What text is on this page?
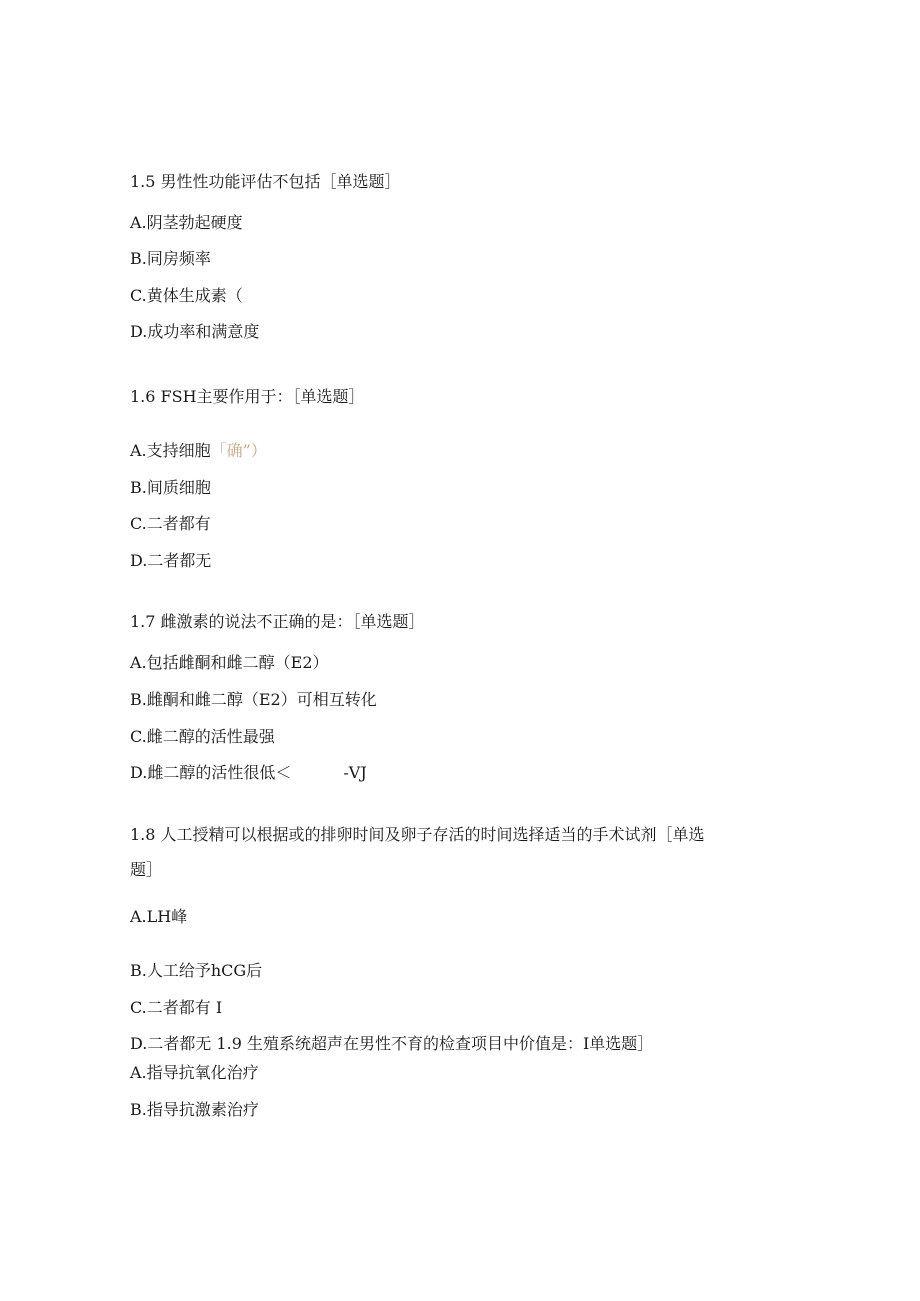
1.5 男性性功能评估不包括［单选题］
A.阴茎勃起硬度
B.同房频率
C.黄体生成素（
D.成功率和满意度
1.6 FSH主要作用于：［单选题］
A.支持细胞「确”）
B.间质细胞
C.二者都有
D.二者都无
1.7 雌激素的说法不正确的是：［单选题］
A.包括雌酮和雌二醇（E2）
B.雌酮和雌二醇（E2）可相互转化
C.雌二醇的活性最强
D.雌二醇的活性很低＜	-VJ
1.8 人工授精可以根据或的排卵时间及卵子存活的时间选择适当的手术试剂［单选
题］
A.LH峰
B.人工给予hCG后
C.二者都有 I
D.二者都无 1.9 生殖系统超声在男性不育的检查项目中价值是：I单选题］
A.指导抗氧化治疗
B.指导抗激素治疗
